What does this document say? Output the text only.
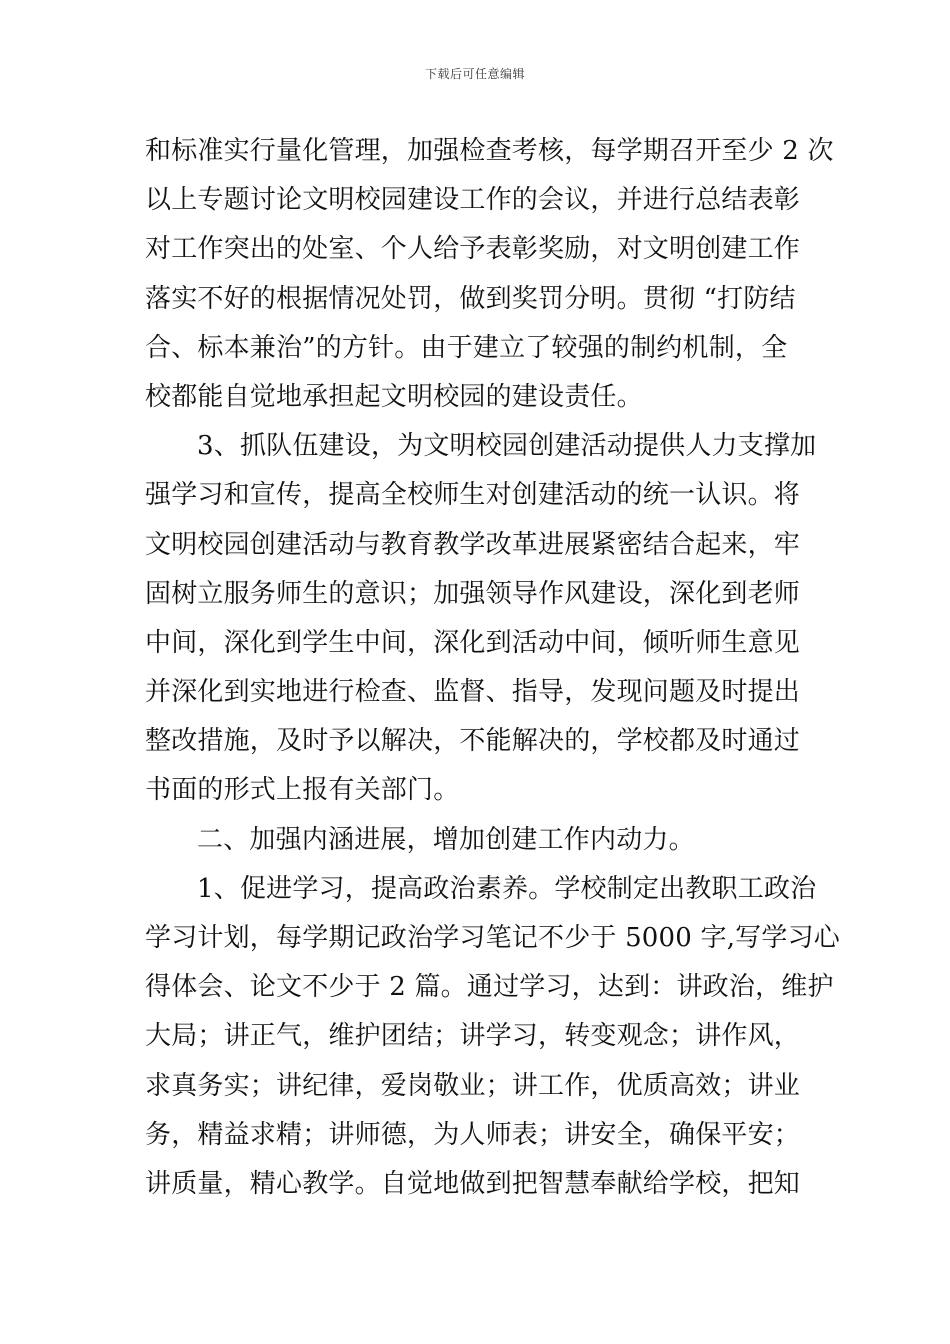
下载后可任意编辑
和标准实行量化管理，加强检查考核，每学期召开至少 2 次
以上专题讨论文明校园建设工作的会议，并进行总结表彰
对工作突出的处室、个人给予表彰奖励，对文明创建工作
落实不好的根据情况处罚，做到奖罚分明。贯彻 “打防结
合、标本兼治”的方针。由于建立了较强的制约机制，全
校都能自觉地承担起文明校园的建设责任。
3、抓队伍建设，为文明校园创建活动提供人力支撑加
强学习和宣传，提高全校师生对创建活动的统一认识。将
文明校园创建活动与教育教学改革进展紧密结合起来，牢
固树立服务师生的意识；加强领导作风建设，深化到老师
中间，深化到学生中间，深化到活动中间，倾听师生意见
并深化到实地进行检查、监督、指导，发现问题及时提出
整改措施，及时予以解决，不能解决的，学校都及时通过
书面的形式上报有关部门。
二、加强内涵进展，增加创建工作内动力。
1、促进学习，提高政治素养。学校制定出教职工政治
学习计划，每学期记政治学习笔记不少于 5000 字,写学习心
得体会、论文不少于 2 篇。通过学习，达到：讲政治，维护
大局；讲正气，维护团结；讲学习，转变观念；讲作风，
求真务实；讲纪律，爱岗敬业；讲工作，优质高效；讲业
务，精益求精；讲师德，为人师表；讲安全，确保平安；
讲质量，精心教学。自觉地做到把智慧奉献给学校，把知
